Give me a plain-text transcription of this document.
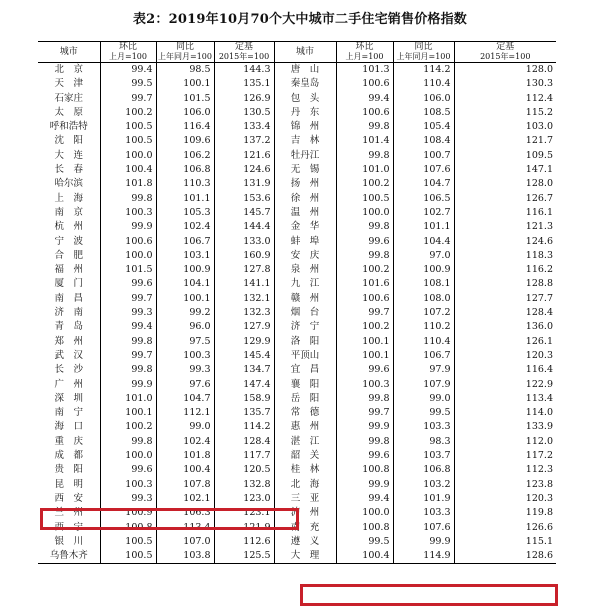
表2：2019年10月70个大中城市二手住宅销售价格指数
城市	环比	同比	定基	城市	环比	同比	定基
	上月=100	上年同月=100	2015年=100		上月=100	上年同月=100	2015年=100
北　京	99.4	98.5	144.3	唐　山	101.3	114.2	128.0
天　津	99.5	100.1	135.1	秦皇岛	100.6	110.4	130.3
石家庄	99.7	101.5	126.9	包　头	99.4	106.0	112.4
太　原	100.2	106.0	130.5	丹　东	100.6	108.5	115.2
呼和浩特	100.5	116.4	133.4	锦　州	99.8	105.4	103.0
沈　阳	100.5	109.6	137.2	吉　林	101.4	108.4	121.7
大　连	100.0	106.2	121.6	牡丹江	99.8	100.7	109.5
长　春	100.4	106.8	124.6	无　锡	101.0	107.6	147.1
哈尔滨	101.8	110.3	131.9	扬　州	100.2	104.7	128.0
上　海	99.8	101.1	153.6	徐　州	100.5	106.5	126.7
南　京	100.3	105.3	145.7	温　州	100.0	102.7	116.1
杭　州	99.9	102.4	144.4	金　华	99.8	101.1	121.3
宁　波	100.6	106.7	133.0	蚌　埠	99.6	104.4	124.6
合　肥	100.0	103.1	160.9	安　庆	99.8	97.0	118.3
福　州	101.5	100.9	127.8	泉　州	100.2	100.9	116.2
厦　门	99.6	104.1	141.1	九　江	101.6	108.1	128.8
南　昌	99.7	100.1	132.1	赣　州	100.6	108.0	127.7
济　南	99.3	99.2	132.3	烟　台	99.7	107.2	128.4
青　岛	99.4	96.0	127.9	济　宁	100.2	110.2	136.0
郑　州	99.8	97.5	129.9	洛　阳	100.1	110.4	126.1
武　汉	99.7	100.3	145.4	平顶山	100.1	106.7	120.3
长　沙	99.8	99.3	134.7	宜　昌	99.6	97.9	116.4
广　州	99.9	97.6	147.4	襄　阳	100.3	107.9	122.9
深　圳	101.0	104.7	158.9	岳　阳	99.8	99.0	113.4
南　宁	100.1	112.1	135.7	常　德	99.7	99.5	114.0
海　口	100.2	99.0	114.2	惠　州	99.9	103.3	133.9
重　庆	99.8	102.4	128.4	湛　江	99.8	98.3	112.0
成　都	100.0	101.8	117.7	韶　关	99.6	103.7	117.2
贵　阳	99.6	100.4	120.5	桂　林	100.8	106.8	112.3
昆　明	100.3	107.8	132.8	北　海	99.9	103.2	123.8
西　安	99.3	102.1	123.0	三　亚	99.4	101.9	120.3
兰　州	100.9	106.3	123.1	泸　州	100.0	103.3	119.8
西　宁	100.8	113.4	121.9	南　充	100.8	107.6	126.6
银　川	100.5	107.0	112.6	遵　义	99.5	99.9	115.1
乌鲁木齐	100.5	103.8	125.5	大　理	100.4	114.9	128.6
